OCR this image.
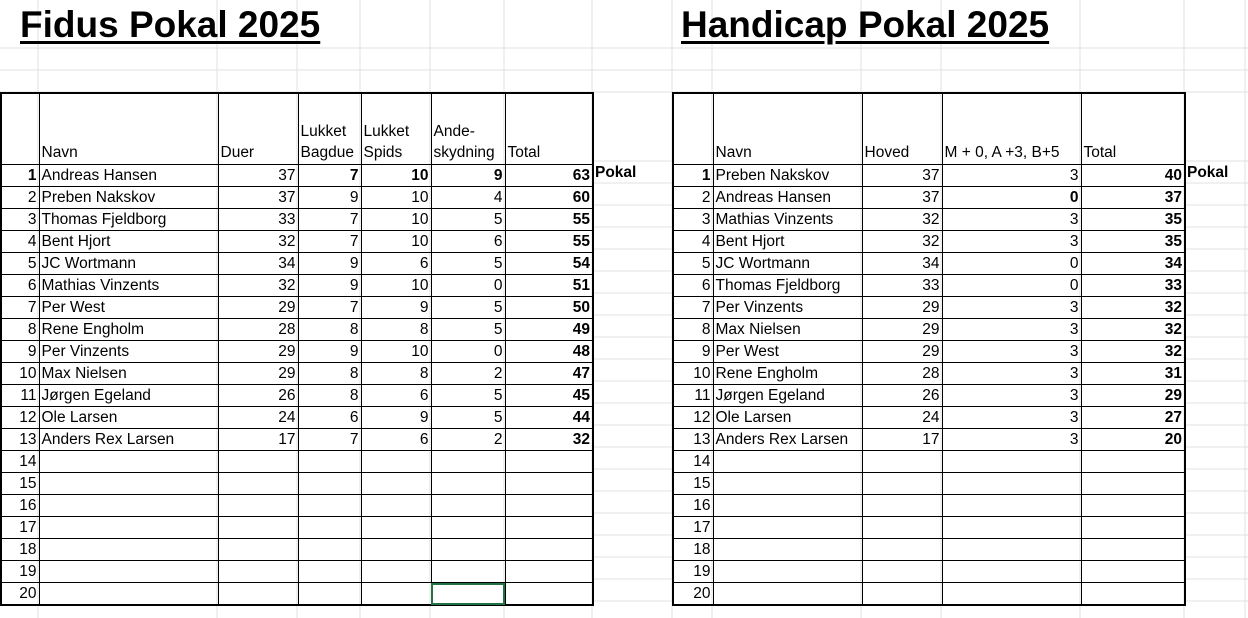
Fidus Pokal 2025	Handicap Pokal 2025
	Navn	Duer	Lukket Bagdue	Lukket Spids	Ande-skydning	Total
1	Andreas Hansen	37	7	10	9	63
2	Preben Nakskov	37	9	10	4	60
3	Thomas Fjeldborg	33	7	10	5	55
4	Bent Hjort	32	7	10	6	55
5	JC Wortmann	34	9	6	5	54
6	Mathias Vinzents	32	9	10	0	51
7	Per West	29	7	9	5	50
8	Rene Engholm	28	8	8	5	49
9	Per Vinzents	29	9	10	0	48
10	Max Nielsen	29	8	8	2	47
11	Jørgen Egeland	26	8	6	5	45
12	Ole Larsen	24	6	9	5	44
13	Anders Rex Larsen	17	7	6	2	32
14						
15						
16						
17						
18						
19						
20						
Pokal
	Navn	Hoved	M + 0, A +3, B+5	Total
1	Preben Nakskov	37	3	40
2	Andreas Hansen	37	0	37
3	Mathias Vinzents	32	3	35
4	Bent Hjort	32	3	35
5	JC Wortmann	34	0	34
6	Thomas Fjeldborg	33	0	33
7	Per Vinzents	29	3	32
8	Max Nielsen	29	3	32
9	Per West	29	3	32
10	Rene Engholm	28	3	31
11	Jørgen Egeland	26	3	29
12	Ole Larsen	24	3	27
13	Anders Rex Larsen	17	3	20
14				
15				
16				
17				
18				
19				
20				
Pokal
